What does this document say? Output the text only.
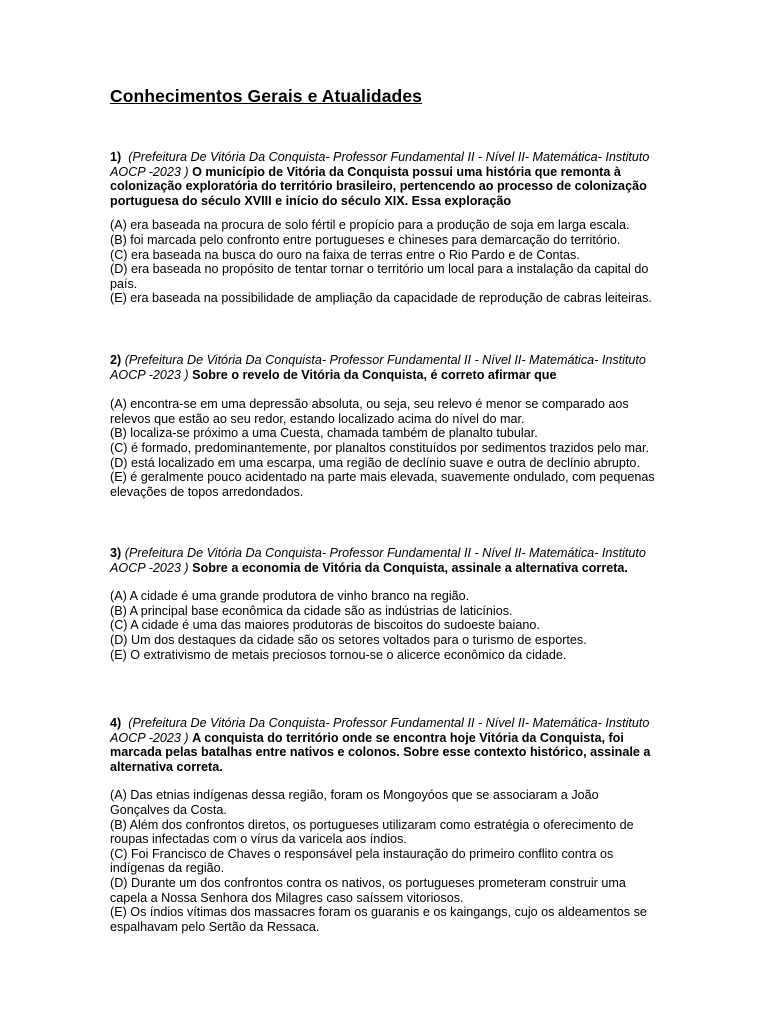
Conhecimentos Gerais e Atualidades

1) (Prefeitura De Vitória Da Conquista- Professor Fundamental II - Nível II- Matemática- Instituto AOCP -2023 ) O município de Vitória da Conquista possui uma história que remonta à colonização exploratória do território brasileiro, pertencendo ao processo de colonização portuguesa do século XVIII e início do século XIX. Essa exploração

(A) era baseada na procura de solo fértil e propício para a produção de soja em larga escala.
(B) foi marcada pelo confronto entre portugueses e chineses para demarcação do território.
(C) era baseada na busca do ouro na faixa de terras entre o Rio Pardo e de Contas.
(D) era baseada no propósito de tentar tornar o território um local para a instalação da capital do país.
(E) era baseada na possibilidade de ampliação da capacidade de reprodução de cabras leiteiras.

2) (Prefeitura De Vitória Da Conquista- Professor Fundamental II - Nível II- Matemática- Instituto AOCP -2023 ) Sobre o revelo de Vitória da Conquista, é correto afirmar que

(A) encontra-se em uma depressão absoluta, ou seja, seu relevo é menor se comparado aos relevos que estão ao seu redor, estando localizado acima do nível do mar.
(B) localiza-se próximo a uma Cuesta, chamada também de planalto tubular.
(C) é formado, predominantemente, por planaltos constituídos por sedimentos trazidos pelo mar.
(D) está localizado em uma escarpa, uma região de declínio suave e outra de declínio abrupto.
(E) é geralmente pouco acidentado na parte mais elevada, suavemente ondulado, com pequenas elevações de topos arredondados.

3) (Prefeitura De Vitória Da Conquista- Professor Fundamental II - Nível II- Matemática- Instituto AOCP -2023 ) Sobre a economia de Vitória da Conquista, assinale a alternativa correta.

(A) A cidade é uma grande produtora de vinho branco na região.
(B) A principal base econômica da cidade são as indústrias de laticínios.
(C) A cidade é uma das maiores produtoras de biscoitos do sudoeste baiano.
(D) Um dos destaques da cidade são os setores voltados para o turismo de esportes.
(E) O extrativismo de metais preciosos tornou-se o alicerce econômico da cidade.

4) (Prefeitura De Vitória Da Conquista- Professor Fundamental II - Nível II- Matemática- Instituto AOCP -2023 ) A conquista do território onde se encontra hoje Vitória da Conquista, foi marcada pelas batalhas entre nativos e colonos. Sobre esse contexto histórico, assinale a alternativa correta.

(A) Das etnias indígenas dessa região, foram os Mongoyóos que se associaram a João Gonçalves da Costa.
(B) Além dos confrontos diretos, os portugueses utilizaram como estratégia o oferecimento de roupas infectadas com o vírus da varicela aos índios.
(C) Foi Francisco de Chaves o responsável pela instauração do primeiro conflito contra os indígenas da região.
(D) Durante um dos confrontos contra os nativos, os portugueses prometeram construir uma capela a Nossa Senhora dos Milagres caso saíssem vitoriosos.
(E) Os índios vítimas dos massacres foram os guaranis e os kaingangs, cujo os aldeamentos se espalhavam pelo Sertão da Ressaca.
